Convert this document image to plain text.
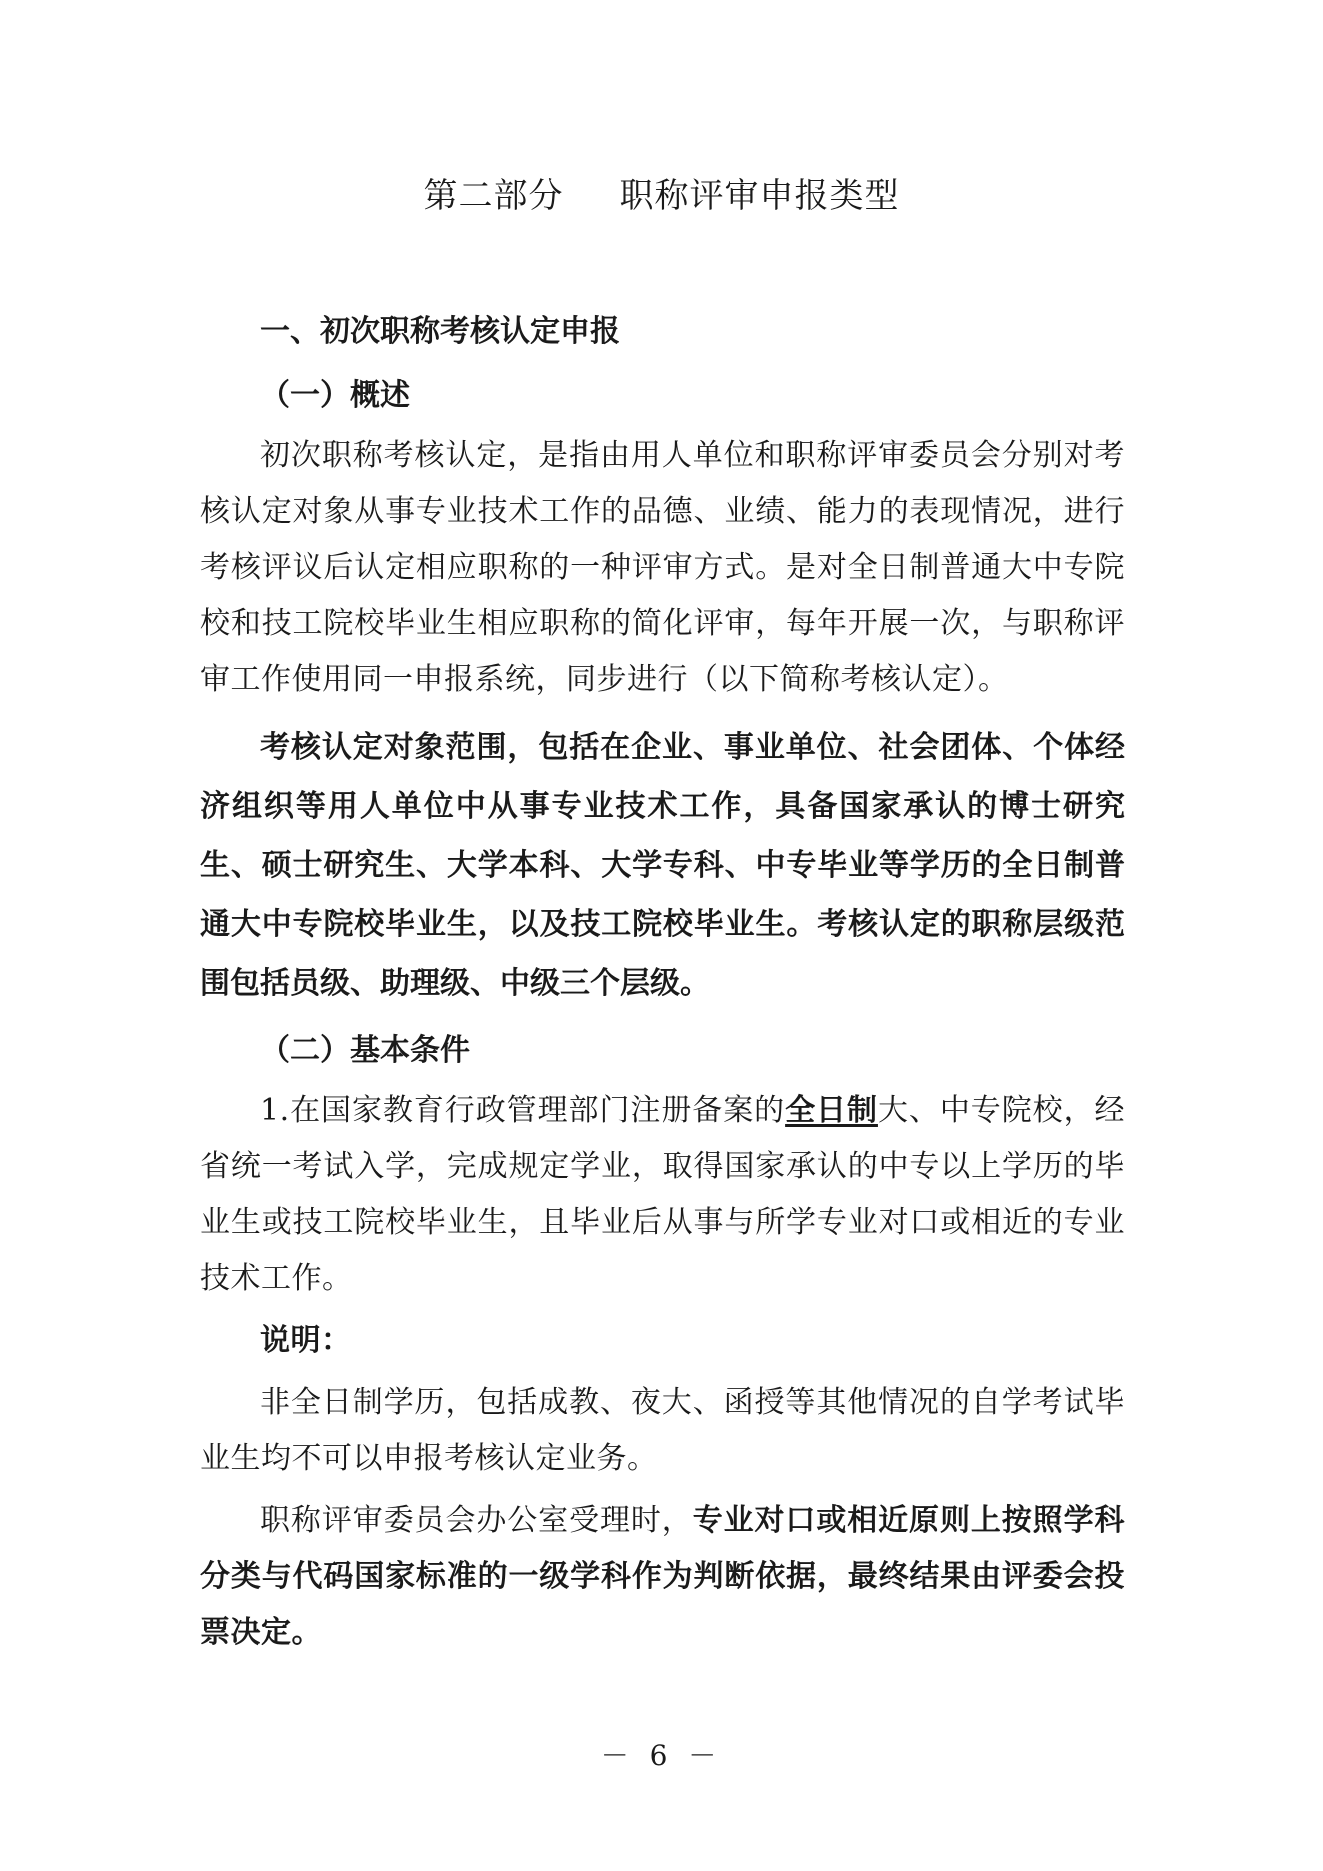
第二部分 职称评审申报类型
一、初次职称考核认定申报
（一）概述

初次职称考核认定，是指由用人单位和职称评审委员会分别对考核认定对象从事专业技术工作的品德、业绩、能力的表现情况，进行考核评议后认定相应职称的一种评审方式。是对全日制普通大中专院校和技工院校毕业生相应职称的简化评审，每年开展一次，与职称评审工作使用同一申报系统，同步进行（以下简称考核认定）。

考核认定对象范围，包括在企业、事业单位、社会团体、个体经济组织等用人单位中从事专业技术工作，具备国家承认的博士研究生、硕士研究生、大学本科、大学专科、中专毕业等学历的全日制普通大中专院校毕业生，以及技工院校毕业生。考核认定的职称层级范围包括员级、助理级、中级三个层级。

（二）基本条件

1.在国家教育行政管理部门注册备案的全日制大、中专院校，经省统一考试入学，完成规定学业，取得国家承认的中专以上学历的毕业生或技工院校毕业生，且毕业后从事与所学专业对口或相近的专业技术工作。

说明：

非全日制学历，包括成教、夜大、函授等其他情况的自学考试毕业生均不可以申报考核认定业务。

职称评审委员会办公室受理时，专业对口或相近原则上按照学科分类与代码国家标准的一级学科作为判断依据，最终结果由评委会投票决定。

－ 6 －
